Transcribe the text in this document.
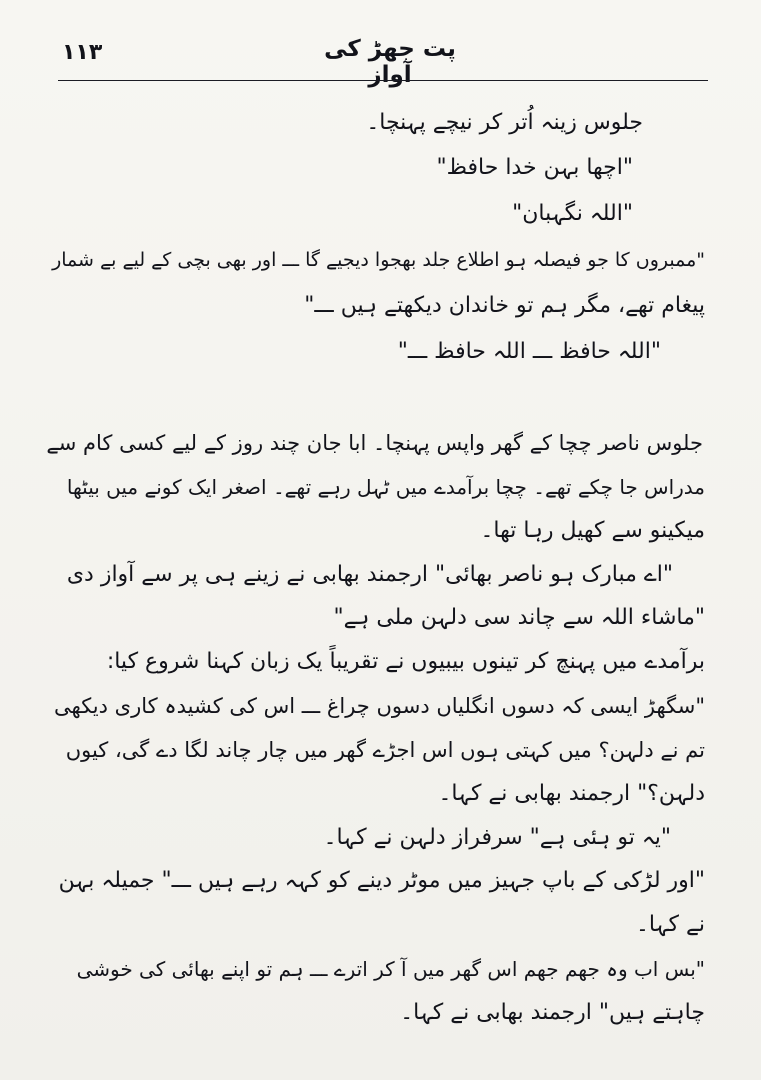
۱۱۳	پت جھڑ کی آواز
جلوس زینہ اُتر کر نیچے پہنچا۔
"اچھا بہن خدا حافظ"
"اللہ نگہبان"
"ممبروں کا جو فیصلہ ہو اطلاع جلد بھجوا دیجیے گا ـــ اور بھی بچی کے لیے بے شمار
پیغام تھے، مگر ہم تو خاندان دیکھتے ہیں ـــ"
"اللہ حافظ ـــ اللہ حافظ ـــ"
جلوس ناصر چچا کے گھر واپس پہنچا۔ ابا جان چند روز کے لیے کسی کام سے
مدراس جا چکے تھے۔ چچا برآمدے میں ٹہل رہے تھے۔ اصغر ایک کونے میں بیٹھا
میکینو سے کھیل رہا تھا۔
"اے مبارک ہو ناصر بھائی" ارجمند بھابی نے زینے ہی پر سے آواز دی
"ماشاء اللہ سے چاند سی دلہن ملی ہے"
برآمدے میں پہنچ کر تینوں بیبیوں نے تقریباً یک زبان کہنا شروع کیا:
"سگھڑ ایسی کہ دسوں انگلیاں دسوں چراغ ـــ اس کی کشیدہ کاری دیکھی
تم نے دلہن؟ میں کہتی ہوں اس اجڑے گھر میں چار چاند لگا دے گی، کیوں
دلہن؟" ارجمند بھابی نے کہا۔
"یہ تو ہئی ہے" سرفراز دلہن نے کہا۔
"اور لڑکی کے باپ جہیز میں موٹر دینے کو کہہ رہے ہیں ـــ" جمیلہ بہن
نے کہا۔
"بس اب وہ جھم جھم اس گھر میں آ کر اترے ـــ ہم تو اپنے بھائی کی خوشی
چاہتے ہیں" ارجمند بھابی نے کہا۔
